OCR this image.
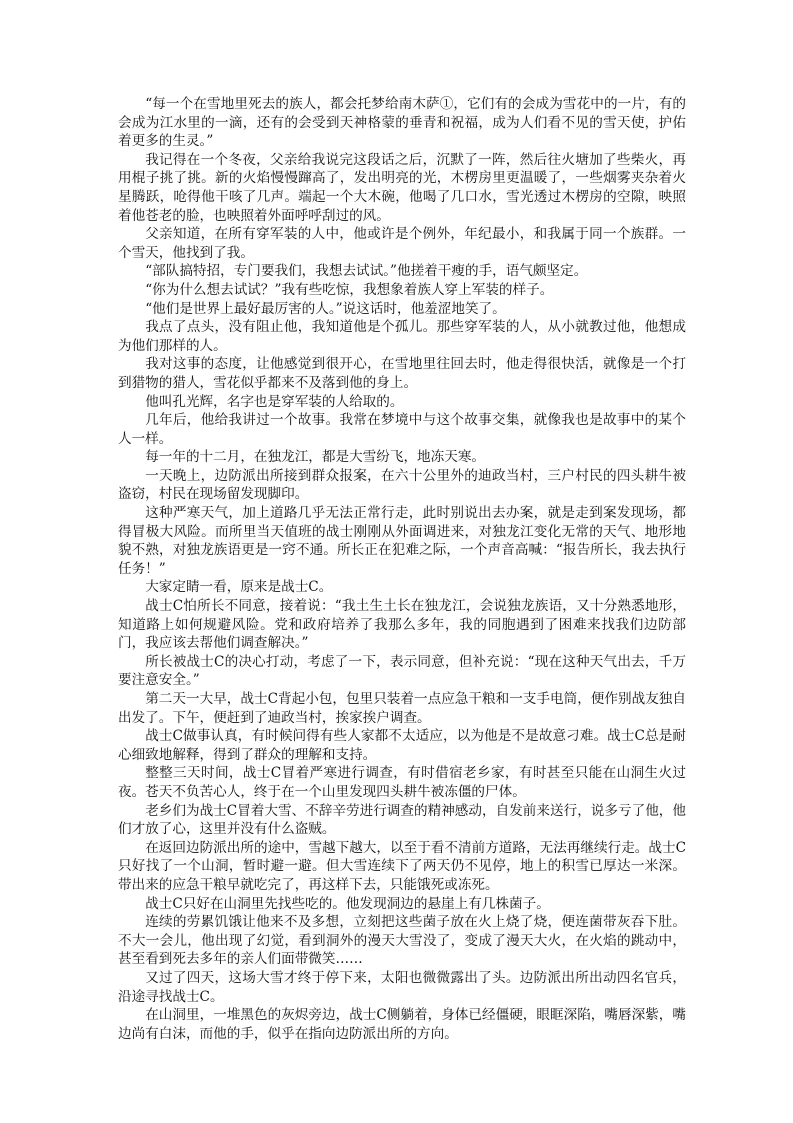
“每一个在雪地里死去的族人，都会托梦给南木萨①，它们有的会成为雪花中的一片，有的会成为江水里的一滴，还有的会受到天神格蒙的垂青和祝福，成为人们看不见的雪天使，护佑着更多的生灵。”

我记得在一个冬夜，父亲给我说完这段话之后，沉默了一阵，然后往火塘加了些柴火，再用棍子挑了挑。新的火焰慢慢蹿高了，发出明亮的光，木楞房里更温暖了，一些烟雾夹杂着火星腾跃，呛得他干咳了几声。端起一个大木碗，他喝了几口水，雪光透过木楞房的空隙，映照着他苍老的脸，也映照着外面呼呼刮过的风。

父亲知道，在所有穿军装的人中，他或许是个例外，年纪最小，和我属于同一个族群。一个雪天，他找到了我。

“部队搞特招，专门要我们，我想去试试。”他搓着干瘦的手，语气颇坚定。

“你为什么想去试试？”我有些吃惊，我想象着族人穿上军装的样子。

“他们是世界上最好最厉害的人。”说这话时，他羞涩地笑了。

我点了点头，没有阻止他，我知道他是个孤儿。那些穿军装的人，从小就教过他，他想成为他们那样的人。

我对这事的态度，让他感觉到很开心，在雪地里往回去时，他走得很快活，就像是一个打到猎物的猎人，雪花似乎都来不及落到他的身上。

他叫孔光辉，名字也是穿军装的人给取的。

几年后，他给我讲过一个故事。我常在梦境中与这个故事交集，就像我也是故事中的某个人一样。

每一年的十二月，在独龙江，都是大雪纷飞，地冻天寒。

一天晚上，边防派出所接到群众报案，在六十公里外的迪政当村，三户村民的四头耕牛被盗窃，村民在现场留发现脚印。

这种严寒天气，加上道路几乎无法正常行走，此时别说出去办案，就是走到案发现场，都得冒极大风险。而所里当天值班的战士刚刚从外面调进来，对独龙江变化无常的天气、地形地貌不熟，对独龙族语更是一窍不通。所长正在犯难之际，一个声音高喊：“报告所长，我去执行任务！”

大家定睛一看，原来是战士C。

战士C怕所长不同意，接着说：“我土生土长在独龙江，会说独龙族语，又十分熟悉地形，知道路上如何规避风险。党和政府培养了我那么多年，我的同胞遇到了困难来找我们边防部门，我应该去帮他们调查解决。”

所长被战士C的决心打动，考虑了一下，表示同意，但补充说：“现在这种天气出去，千万要注意安全。”

第二天一大早，战士C背起小包，包里只装着一点应急干粮和一支手电筒，便作别战友独自出发了。下午，便赶到了迪政当村，挨家挨户调查。

战士C做事认真，有时候问得有些人家都不太适应，以为他是不是故意刁难。战士C总是耐心细致地解释，得到了群众的理解和支持。

整整三天时间，战士C冒着严寒进行调查，有时借宿老乡家，有时甚至只能在山洞生火过夜。苍天不负苦心人，终于在一个山里发现四头耕牛被冻僵的尸体。

老乡们为战士C冒着大雪、不辞辛劳进行调查的精神感动，自发前来送行，说多亏了他，他们才放了心，这里并没有什么盗贼。

在返回边防派出所的途中，雪越下越大，以至于看不清前方道路，无法再继续行走。战士C只好找了一个山洞，暂时避一避。但大雪连续下了两天仍不见停，地上的积雪已厚达一米深。带出来的应急干粮早就吃完了，再这样下去，只能饿死或冻死。

战士C只好在山洞里先找些吃的。他发现洞边的悬崖上有几株菌子。

连续的劳累饥饿让他来不及多想，立刻把这些菌子放在火上烧了烧，便连菌带灰吞下肚。不大一会儿，他出现了幻觉，看到洞外的漫天大雪没了，变成了漫天大火，在火焰的跳动中，甚至看到死去多年的亲人们面带微笑……

又过了四天，这场大雪才终于停下来，太阳也微微露出了头。边防派出所出动四名官兵，沿途寻找战士C。

在山洞里，一堆黑色的灰烬旁边，战士C侧躺着，身体已经僵硬，眼眶深陷，嘴唇深紫，嘴边尚有白沫，而他的手，似乎在指向边防派出所的方向。
